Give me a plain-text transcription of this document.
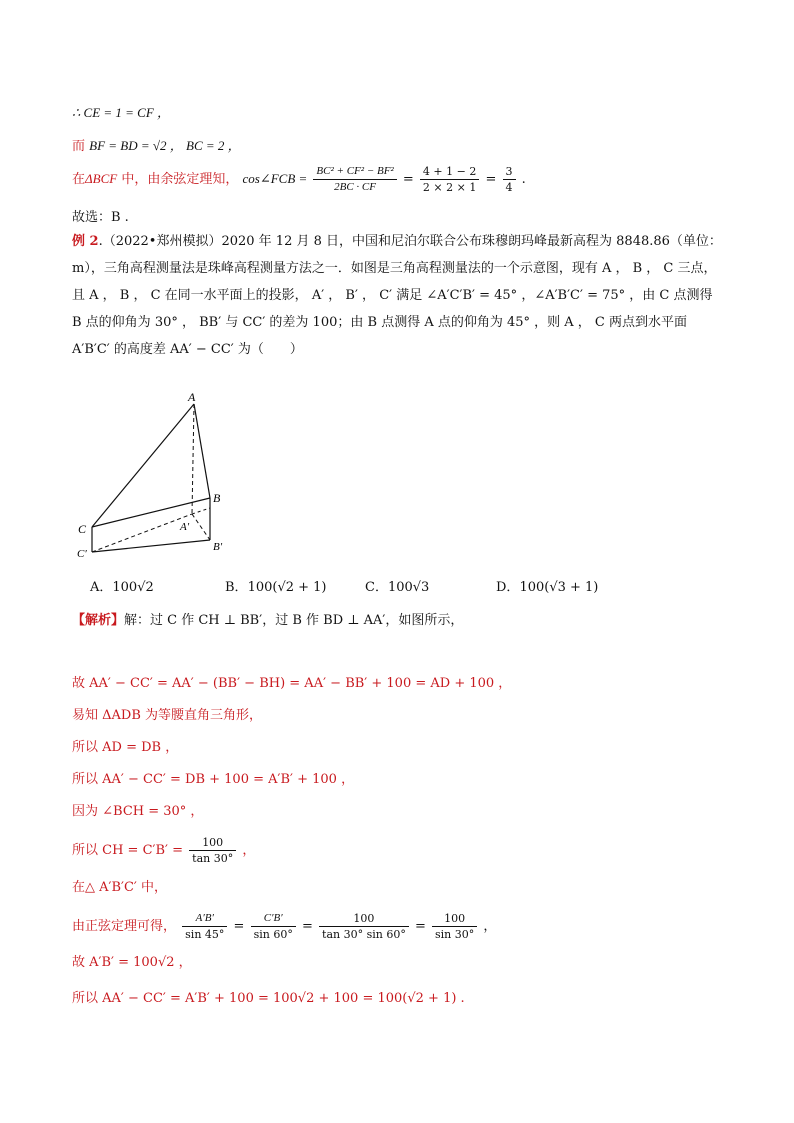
∴ CE = 1 = CF ，
而 BF = BD = √2 ， BC = 2 ，
在ΔBCF 中，由余弦定理知， cos∠FCB = $\frac{\text{BC² + CF² − BF²}}{2BC \cdot CF} = \frac{4 + 1 - 2}{2 \times 2 \times 1} = \frac{3}{4}$ .
故选：B .
例 2.（2022•郑州模拟）2020 年 12 月 8 日，中国和尼泊尔联合公布珠穆朗玛峰最新高程为 8848.86（单位：m），三角高程测量法是珠峰高程测量方法之一．如图是三角高程测量法的一个示意图，现有 A ， B ， C 三点，且 A ， B ， C 在同一水平面上的投影， A′ ， B′ ， C′ 满足 ∠A′C′B′ = 45° ，∠A′B′C′ = 75° ，由 C 点测得 B 点的仰角为 30° ， BB′ 与 CC′ 的差为 100；由 B 点测得 A 点的仰角为 45° ，则 A ， C 两点到水平面 A′B′C′ 的高度差 AA′ − CC′ 为（　　）
A
B
C	A′
B′
C′
A．100√2	B．100(√2 + 1)	C．100√3	D．100(√3 + 1)
【解析】解：过 C 作 CH ⊥ BB′，过 B 作 BD ⊥ AA′，如图所示，
故 AA′ − CC′ = AA′ − (BB′ − BH) = AA′ − BB′ + 100 = AD + 100 ，
易知 ΔADB 为等腰直角三角形，
所以 AD = DB ，
所以 AA′ − CC′ = DB + 100 = A′B′ + 100 ，
因为 ∠BCH = 30° ，
所以 CH = $C'B' = \frac{100}{\tan 30^\circ}$ ，
在△ A′B′C′ 中，
由正弦定理可得， $\frac{A'B'}{\sin 45^\circ} = \frac{C'B'}{\sin 60^\circ} = \frac{100}{\tan 30^\circ \sin 60^\circ} = \frac{100}{\sin 30^\circ}$ ，
故 A′B′ = 100√2 ，
所以 AA′ − CC′ = A′B′ + 100 = 100√2 + 100 = 100(√2 + 1) .
